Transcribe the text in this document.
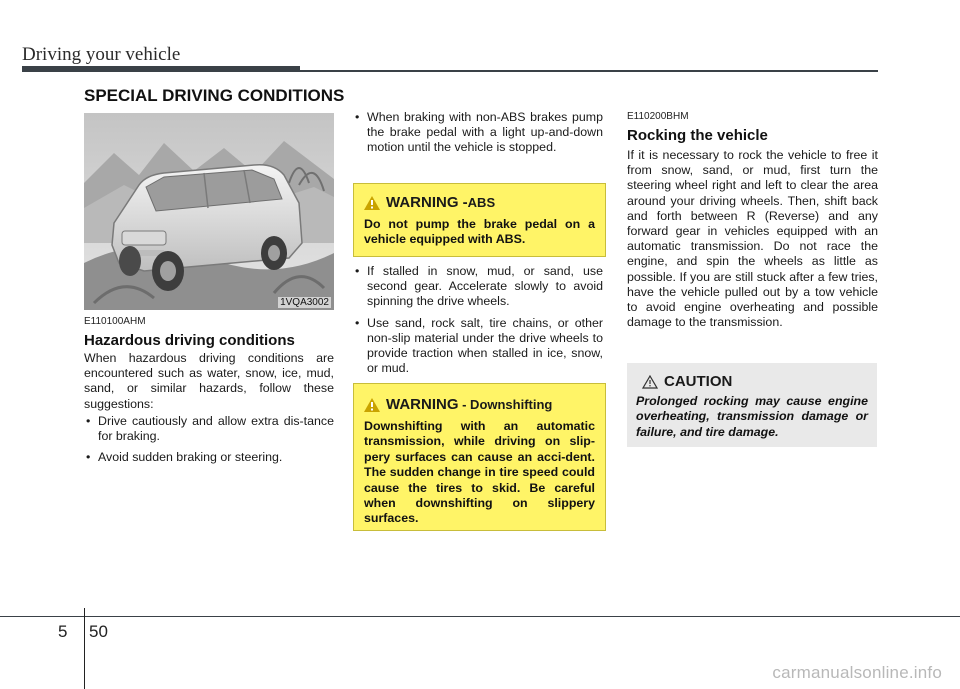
Driving your vehicle
SPECIAL DRIVING CONDITIONS
1VQA3002
E110100AHM
Hazardous driving conditions
When hazardous driving conditions are encountered such as water, snow, ice, mud, sand, or similar hazards, follow these suggestions:
• Drive cautiously and allow extra dis-tance for braking.
• Avoid sudden braking or steering.
• When braking with non-ABS brakes pump the brake pedal with a light up-and-down motion until the vehicle is stopped.
WARNING - ABS
Do not pump the brake pedal on a vehicle equipped with ABS.
• If stalled in snow, mud, or sand, use second gear. Accelerate slowly to avoid spinning the drive wheels.
• Use sand, rock salt, tire chains, or other non-slip material under the drive wheels to provide traction when stalled in ice, snow, or mud.
WARNING - Downshifting
Downshifting with an automatic transmission, while driving on slip-pery surfaces can cause an acci-dent. The sudden change in tire speed could cause the tires to skid. Be careful when downshifting on slippery surfaces.
E110200BHM
Rocking the vehicle
If it is necessary to rock the vehicle to free it from snow, sand, or mud, first turn the steering wheel right and left to clear the area around your driving wheels. Then, shift back and forth between R (Reverse) and any forward gear in vehicles equipped with an automatic transmission. Do not race the engine, and spin the wheels as little as possible. If you are still stuck after a few tries, have the vehicle pulled out by a tow vehicle to avoid engine overheating and possible damage to the transmission.
CAUTION
Prolonged rocking may cause engine overheating, transmission damage or failure, and tire damage.
5 50
carmanualsonline.info
